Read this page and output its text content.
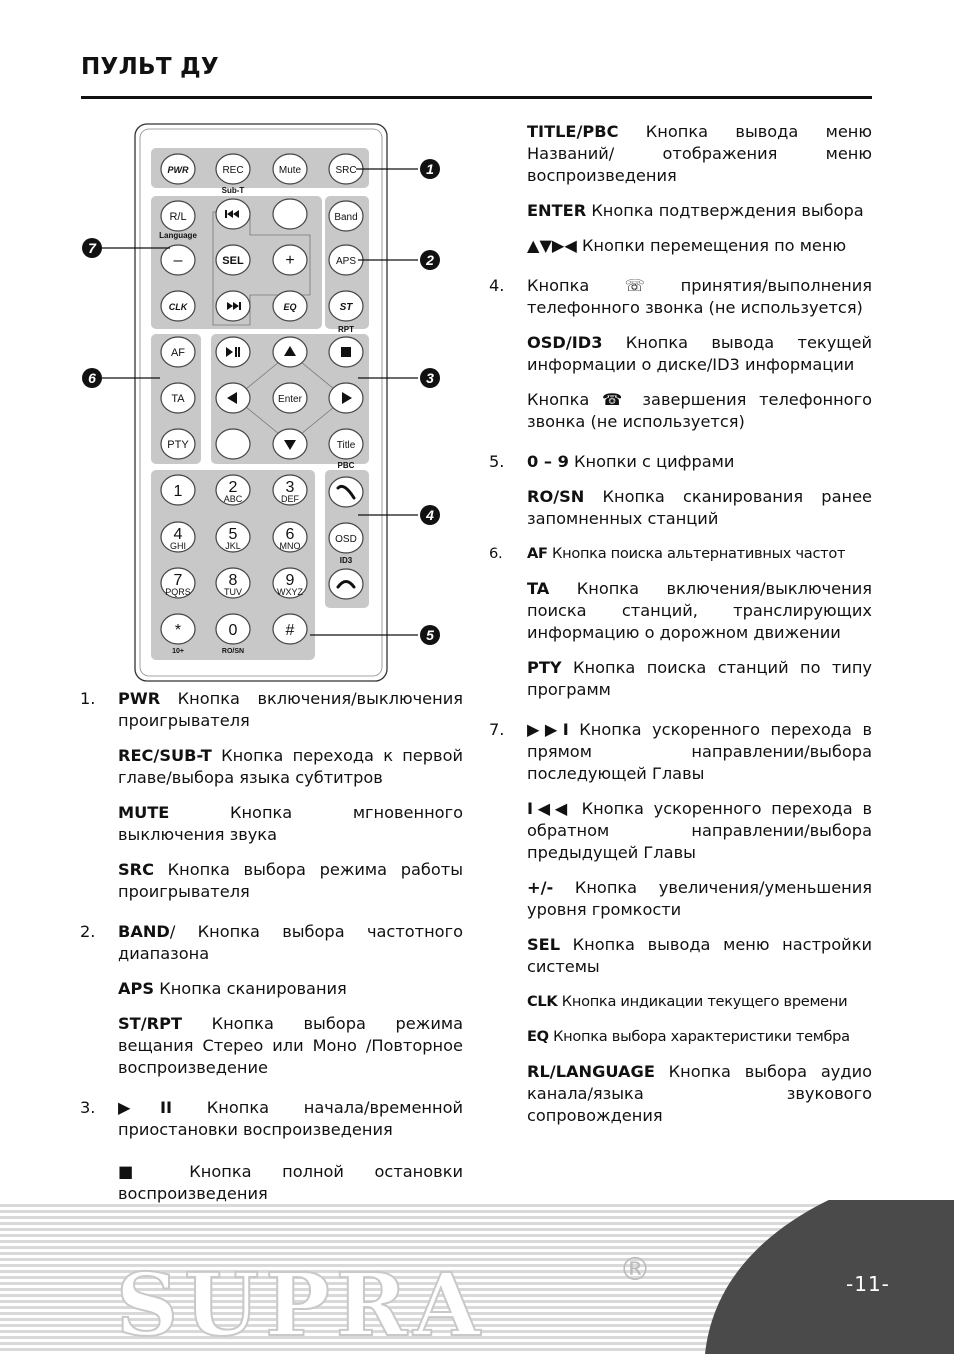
ПУЛЬТ ДУ
PWR	REC	Mute	SRC
Sub-T
R/L
Language
–	SEL	+
CLK	EQ
Band
APS
ST
RPT
AF
TA
PTY
Enter
Title
PBC
1	2
ABC
3
DEF
4
GHI
5
JKL
6
MNO
7
PQRS
8
TUV
9
WXYZ
*	0	#
10+	RO/SN
OSD
ID3
1
2
3
4
5
6
7

1. PWR Кнопка включения/выключения проигрывателя

REC/SUB-T Кнопка перехода к первой главе/выбора языка субтитров

MUTE Кнопка мгновенного выключения звука

SRC Кнопка выбора режима работы проигрывателя

2. BAND/ Кнопка выбора частотного диапазона

APS Кнопка сканирования

ST/RPT Кнопка выбора режима вещания Стерео или Моно /Повторное воспроизведение

3. ▶II Кнопка начала/временной приостановки воспроизведения

■ Кнопка полной остановки воспроизведения

TITLE/PBC Кнопка вывода меню Названий/ отображения меню воспроизведения

ENTER Кнопка подтверждения выбора

▲▼▶◀ Кнопки перемещения по меню

4. Кнопка ☏ принятия/выполнения телефонного звонка (не используется)

OSD/ID3 Кнопка вывода текущей информации о диске/ID3 информации

Кнопка ☎ завершения телефонного звонка (не используется)

5. 0 – 9 Кнопки с цифрами

RO/SN Кнопка сканирования ранее запомненных станций

6. AF Кнопка поиска альтернативных частот

TA Кнопка включения/выключения поиска станций, транслирующих информацию о дорожном движении

PTY Кнопка поиска станций по типу программ

7. ▶▶I Кнопка ускоренного перехода в прямом направлении/выбора последующей Главы

I◀◀ Кнопка ускоренного перехода в обратном направлении/выбора предыдущей Главы

+/- Кнопка увеличения/уменьшения уровня громкости

SEL Кнопка вывода меню настройки системы

CLK Кнопка индикации текущего времени

EQ Кнопка выбора характеристики тембра

RL/LANGUAGE Кнопка выбора аудио канала/языка звукового сопровождения

SUPRA	®	-11-
